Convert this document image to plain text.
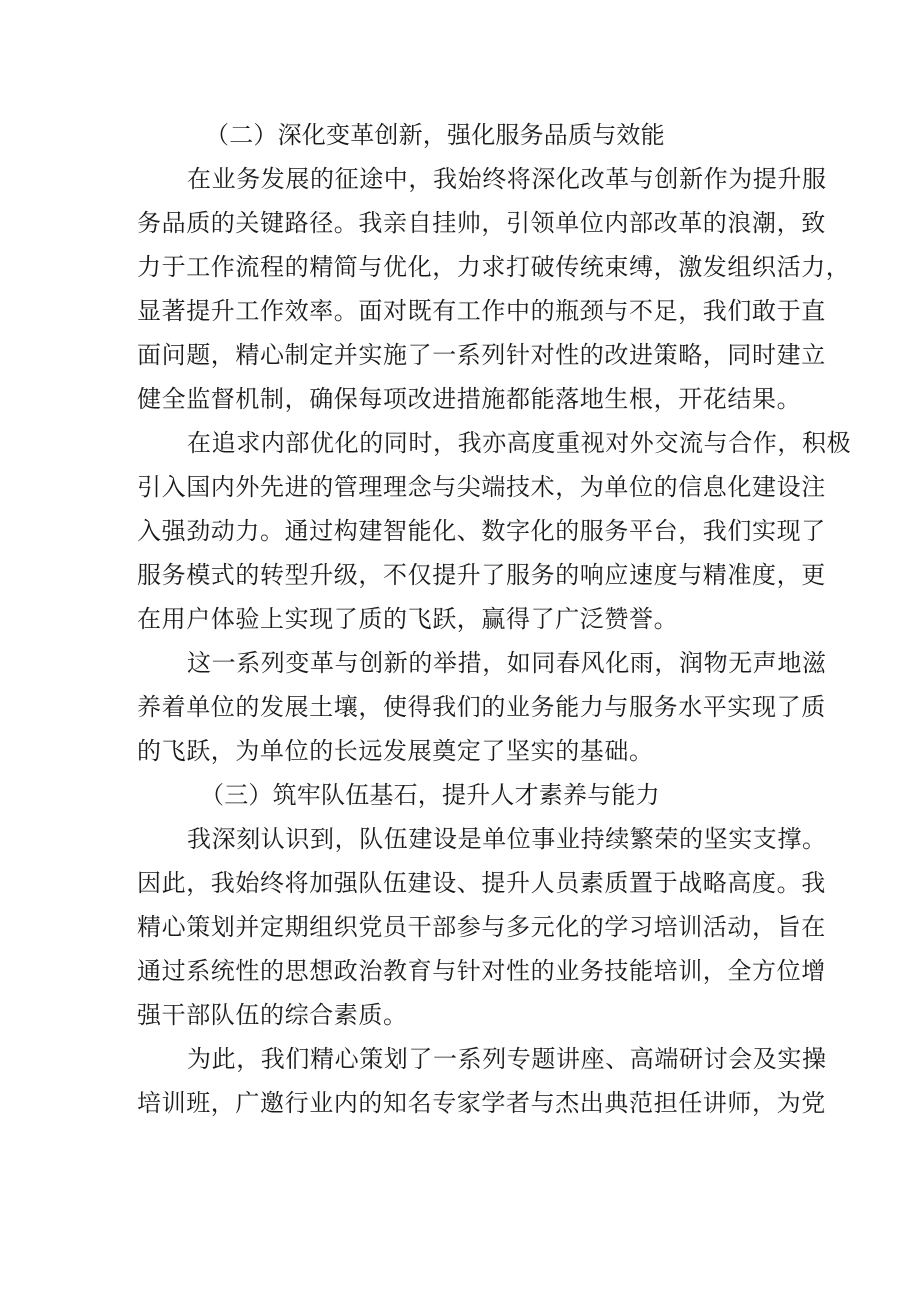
（二）深化变革创新，强化服务品质与效能
在业务发展的征途中，我始终将深化改革与创新作为提升服
务品质的关键路径。我亲自挂帅，引领单位内部改革的浪潮，致
力于工作流程的精简与优化，力求打破传统束缚，激发组织活力，
显著提升工作效率。面对既有工作中的瓶颈与不足，我们敢于直
面问题，精心制定并实施了一系列针对性的改进策略，同时建立
健全监督机制，确保每项改进措施都能落地生根，开花结果。
在追求内部优化的同时，我亦高度重视对外交流与合作，积极
引入国内外先进的管理理念与尖端技术，为单位的信息化建设注
入强劲动力。通过构建智能化、数字化的服务平台，我们实现了
服务模式的转型升级，不仅提升了服务的响应速度与精准度，更
在用户体验上实现了质的飞跃，赢得了广泛赞誉。
这一系列变革与创新的举措，如同春风化雨，润物无声地滋
养着单位的发展土壤，使得我们的业务能力与服务水平实现了质
的飞跃，为单位的长远发展奠定了坚实的基础。
（三）筑牢队伍基石，提升人才素养与能力
我深刻认识到，队伍建设是单位事业持续繁荣的坚实支撑。
因此，我始终将加强队伍建设、提升人员素质置于战略高度。我
精心策划并定期组织党员干部参与多元化的学习培训活动，旨在
通过系统性的思想政治教育与针对性的业务技能培训，全方位增
强干部队伍的综合素质。
为此，我们精心策划了一系列专题讲座、高端研讨会及实操
培训班，广邀行业内的知名专家学者与杰出典范担任讲师，为党
